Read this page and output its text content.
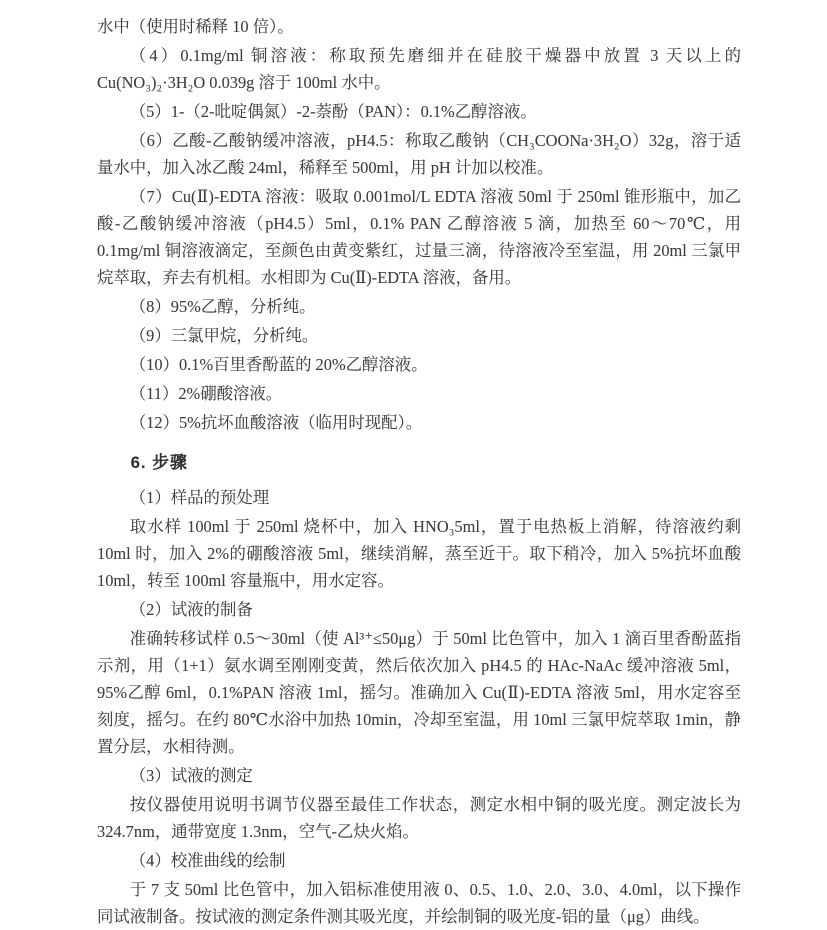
水中（使用时稀释 10 倍）。

（4）0.1mg/ml 铜溶液：称取预先磨细并在硅胶干燥器中放置 3 天以上的 Cu(NO₃)₂·3H₂O 0.039g 溶于 100ml 水中。

（5）1-（2-吡啶偶氮）-2-萘酚（PAN）：0.1%乙醇溶液。

（6）乙酸-乙酸钠缓冲溶液，pH4.5：称取乙酸钠（CH₃COONa·3H₂O）32g，溶于适量水中，加入冰乙酸 24ml，稀释至 500ml，用 pH 计加以校准。

（7）Cu(Ⅱ)-EDTA 溶液：吸取 0.001mol/L EDTA 溶液 50ml 于 250ml 锥形瓶中，加乙酸-乙酸钠缓冲溶液（pH4.5）5ml，0.1% PAN 乙醇溶液 5 滴，加热至 60～70℃，用 0.1mg/ml 铜溶液滴定，至颜色由黄变紫红，过量三滴，待溶液冷至室温，用 20ml 三氯甲烷萃取，弃去有机相。水相即为 Cu(Ⅱ)-EDTA 溶液，备用。

（8）95%乙醇，分析纯。

（9）三氯甲烷，分析纯。

（10）0.1%百里香酚蓝的 20%乙醇溶液。

（11）2%硼酸溶液。

（12）5%抗坏血酸溶液（临用时现配）。

6. 步骤

（1）样品的预处理

取水样 100ml 于 250ml 烧杯中，加入 HNO₃5ml，置于电热板上消解，待溶液约剩 10ml 时，加入 2%的硼酸溶液 5ml，继续消解，蒸至近干。取下稍冷，加入 5%抗坏血酸 10ml，转至 100ml 容量瓶中，用水定容。

（2）试液的制备

准确转移试样 0.5～30ml（使 Al³⁺≤50μg）于 50ml 比色管中，加入 1 滴百里香酚蓝指示剂，用（1+1）氨水调至刚刚变黄，然后依次加入 pH4.5 的 HAc-NaAc 缓冲溶液 5ml，95%乙醇 6ml，0.1%PAN 溶液 1ml，摇匀。准确加入 Cu(Ⅱ)-EDTA 溶液 5ml，用水定容至刻度，摇匀。在约 80℃水浴中加热 10min，冷却至室温，用 10ml 三氯甲烷萃取 1min，静置分层，水相待测。

（3）试液的测定

按仪器使用说明书调节仪器至最佳工作状态，测定水相中铜的吸光度。测定波长为 324.7nm，通带宽度 1.3nm，空气-乙炔火焰。

（4）校准曲线的绘制

于 7 支 50ml 比色管中，加入铝标准使用液 0、0.5、1.0、2.0、3.0、4.0ml，以下操作同试液制备。按试液的测定条件测其吸光度，并绘制铜的吸光度-铝的量（μg）曲线。
